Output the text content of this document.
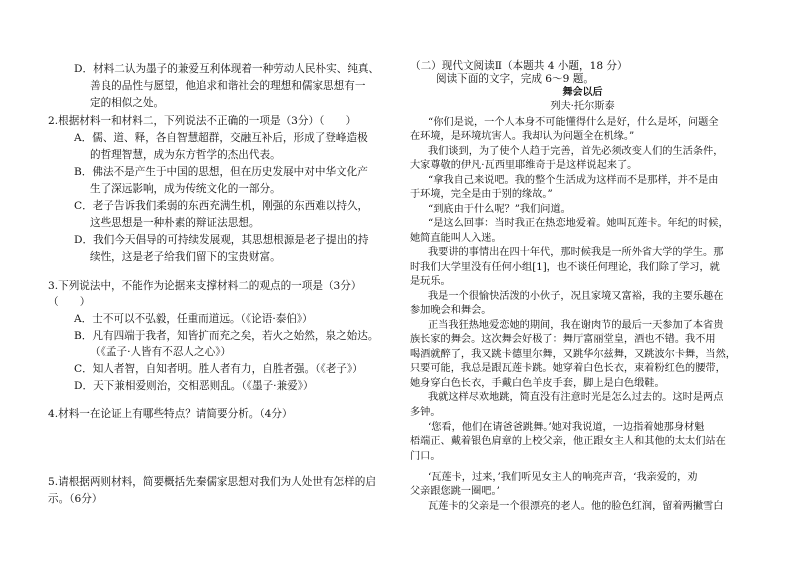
D．材料二认为墨子的兼爱互利体现着一种劳动人民朴实、纯真、
善良的品性与愿望，他追求和谐社会的理想和儒家思想有一
定的相似之处。
2.根据材料一和材料二，下列说法不正确的一项是（3分）（　　）
A．儒、道、释，各自智慧超群，交融互补后，形成了登峰造极
的哲理智慧，成为东方哲学的杰出代表。
B．佛法不是产生于中国的思想，但在历史发展中对中华文化产
生了深远影响，成为传统文化的一部分。
C．老子告诉我们柔弱的东西充满生机，刚强的东西难以持久，
这些思想是一种朴素的辩证法思想。
D．我们今天倡导的可持续发展观，其思想根源是老子提出的持
续性，这是老子给我们留下的宝贵财富。
3.下列说法中，不能作为论据来支撑材料二的观点的一项是（3分）
（　　）
A．士不可以不弘毅，任重而道远。（《论语·泰伯》）
B．凡有四端于我者，知皆扩而充之矣，若火之始然，泉之始达。
（《孟子·人皆有不忍人之心》）
C．知人者智，自知者明。胜人者有力，自胜者强。（《老子》）
D．天下兼相爱则治，交相恶则乱。（《墨子·兼爱》）
4.材料一在论证上有哪些特点？请简要分析。（4分）
5.请根据两则材料，简要概括先秦儒家思想对我们为人处世有怎样的启
示。（6分）
（二）现代文阅读Ⅱ（本题共 4 小题，18 分）
阅读下面的文字，完成 6～9 题。
舞会以后
列夫·托尔斯泰
“你们是说，一个人本身不可能懂得什么是好，什么是坏，问题全
在环境，是环境坑害人。我却认为问题全在机缘。”
我们谈到，为了使个人趋于完善，首先必须改变人们的生活条件，
大家尊敬的伊凡·瓦西里耶维奇于是这样说起来了。
“拿我自己来说吧。我的整个生活成为这样而不是那样，并不是由
于环境，完全是由于别的缘故。”
“到底由于什么呢？”我们问道。
“是这么回事：当时我正在热恋地爱着。她叫瓦莲卡。年纪的时候，
她简直能叫人入迷。
我要讲的事情出在四十年代，那时候我是一所外省大学的学生。那
时我们大学里没有任何小组[1]，也不谈任何理论，我们除了学习，就
是玩乐。
我是一个很愉快活泼的小伙子，况且家境又富裕，我的主要乐趣在
参加晚会和舞会。
正当我狂热地爱恋她的期间，我在谢肉节的最后一天参加了本省贵
族长家的舞会。这次舞会好极了：舞厅富丽堂皇，酒也不错。我不用
喝酒就醉了，我又跳卡德里尔舞，又跳华尔兹舞，又跳波尔卡舞，当然，
只要可能，我总是跟瓦莲卡跳。她穿着白色长衣，束着粉红色的腰带，
她身穿白色长衣，手戴白色羊皮手套，脚上是白色缎鞋。
我就这样尽欢地跳，简直没有注意时光是怎么过去的。这时是两点
多钟。
‘您看，他们在请爸爸跳舞。’她对我说道，一边指着她那身材魁
梧端正、戴着银色肩章的上校父亲，他正跟女主人和其他的太太们站在
门口。
‘瓦莲卡，过来，’我们听见女主人的响亮声音，‘我亲爱的，劝
父亲跟您跳一圈吧。’
瓦莲卡的父亲是一个很漂亮的老人。他的脸色红润，留着两撇雪白
